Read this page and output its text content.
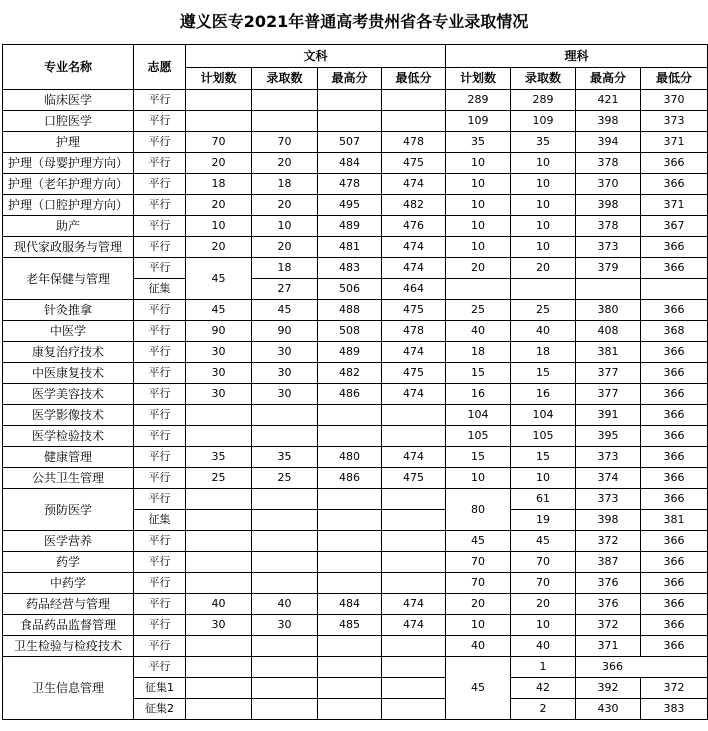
遵义医专2021年普通高考贵州省各专业录取情况
专业名称	志愿	文科				理科			
		计划数	录取数	最高分	最低分	计划数	录取数	最高分	最低分
临床医学	平行					289	289	421	370
口腔医学	平行					109	109	398	373
护理	平行	70	70	507	478	35	35	394	371
护理（母婴护理方向）	平行	20	20	484	475	10	10	378	366
护理（老年护理方向）	平行	18	18	478	474	10	10	370	366
护理（口腔护理方向）	平行	20	20	495	482	10	10	398	371
助产	平行	10	10	489	476	10	10	378	367
现代家政服务与管理	平行	20	20	481	474	10	10	373	366
老年保健与管理	平行	45	18	483	474	20	20	379	366
	征集		27	506	464				
针灸推拿	平行	45	45	488	475	25	25	380	366
中医学	平行	90	90	508	478	40	40	408	368
康复治疗技术	平行	30	30	489	474	18	18	381	366
中医康复技术	平行	30	30	482	475	15	15	377	366
医学美容技术	平行	30	30	486	474	16	16	377	366
医学影像技术	平行					104	104	391	366
医学检验技术	平行					105	105	395	366
健康管理	平行	35	35	480	474	15	15	373	366
公共卫生管理	平行	25	25	486	475	10	10	374	366
预防医学	平行					80	61	373	366
	征集						19	398	381
医学营养	平行					45	45	372	366
药学	平行					70	70	387	366
中药学	平行					70	70	376	366
药品经营与管理	平行	40	40	484	474	20	20	376	366
食品药品监督管理	平行	30	30	485	474	10	10	372	366
卫生检验与检疫技术	平行					40	40	371	366
卫生信息管理	平行					45	1	366	
	征集1						42	392	372
	征集2						2	430	383
